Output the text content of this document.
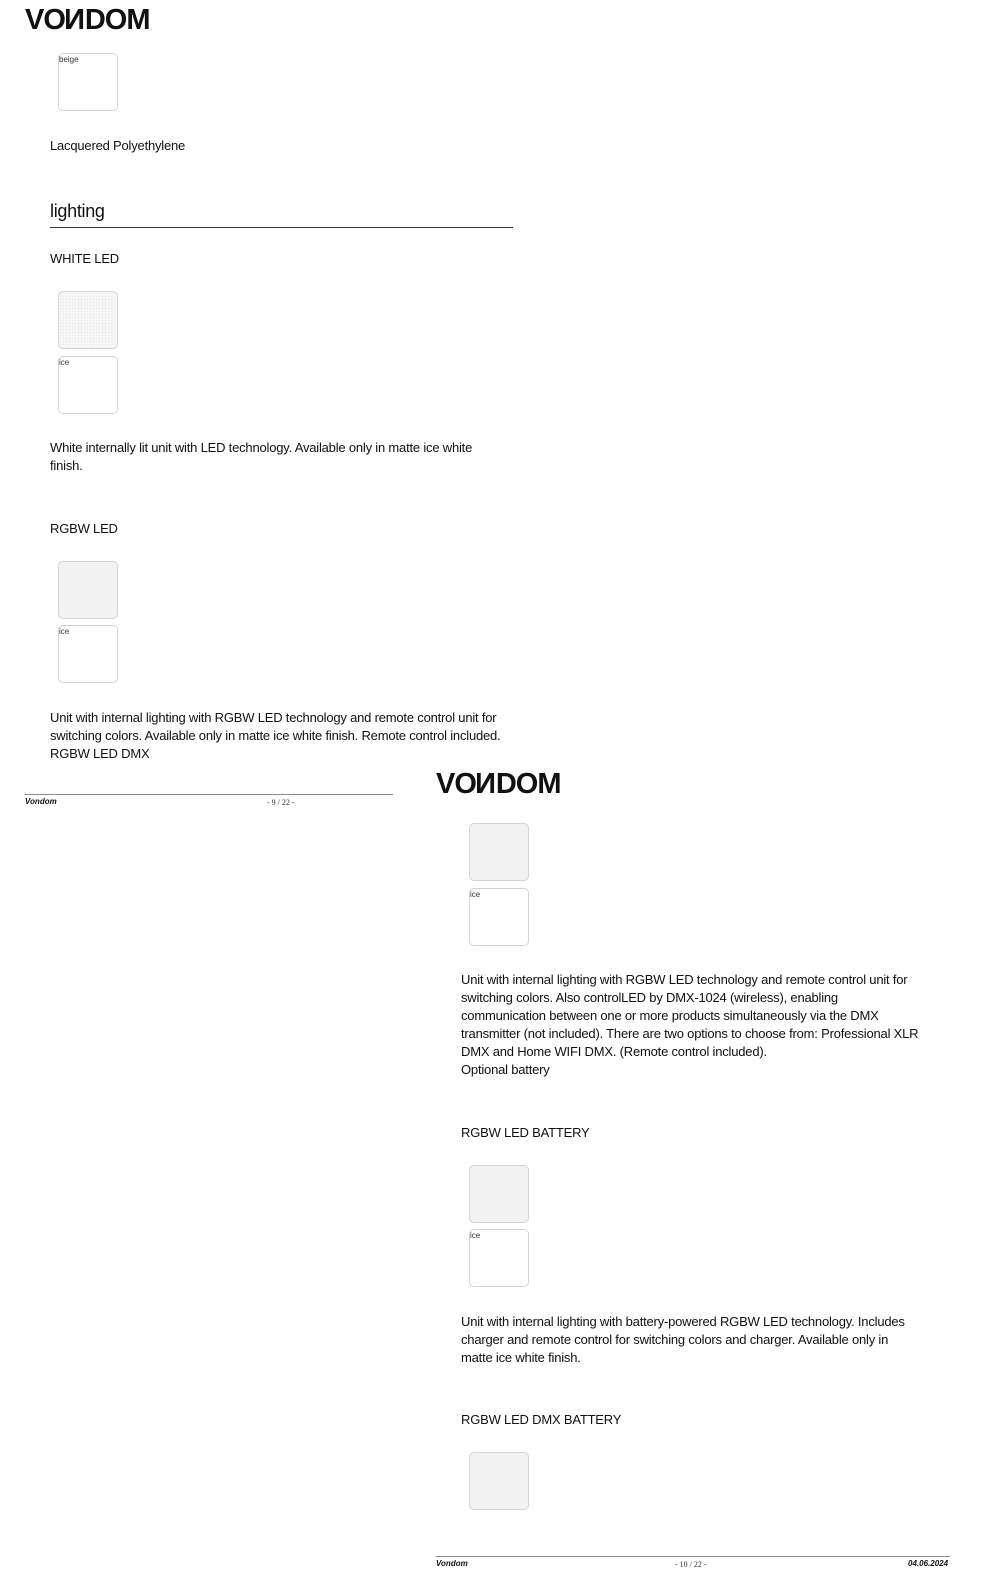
VONDOM
beige
Lacquered Polyethylene
lighting
WHITE LED
ice
White internally lit unit with LED technology. Available only in matte ice white finish.
RGBW LED
ice
Unit with internal lighting with RGBW LED technology and remote control unit for
switching colors. Available only in matte ice white finish. Remote control included.
RGBW LED DMX
Vondom	- 9 / 22 -
VONDOM
ice
Unit with internal lighting with RGBW LED technology and remote control unit for switching colors. Also controlLED by DMX-1024 (wireless), enabling communication between one or more products simultaneously via the DMX transmitter (not included). There are two options to choose from: Professional XLR DMX and Home WIFI DMX. (Remote control included).
Optional battery
RGBW LED BATTERY
ice
Unit with internal lighting with battery-powered RGBW LED technology. Includes charger and remote control for switching colors and charger. Available only in matte ice white finish.
RGBW LED DMX BATTERY
Vondom	- 10 / 22 -	04.06.2024
